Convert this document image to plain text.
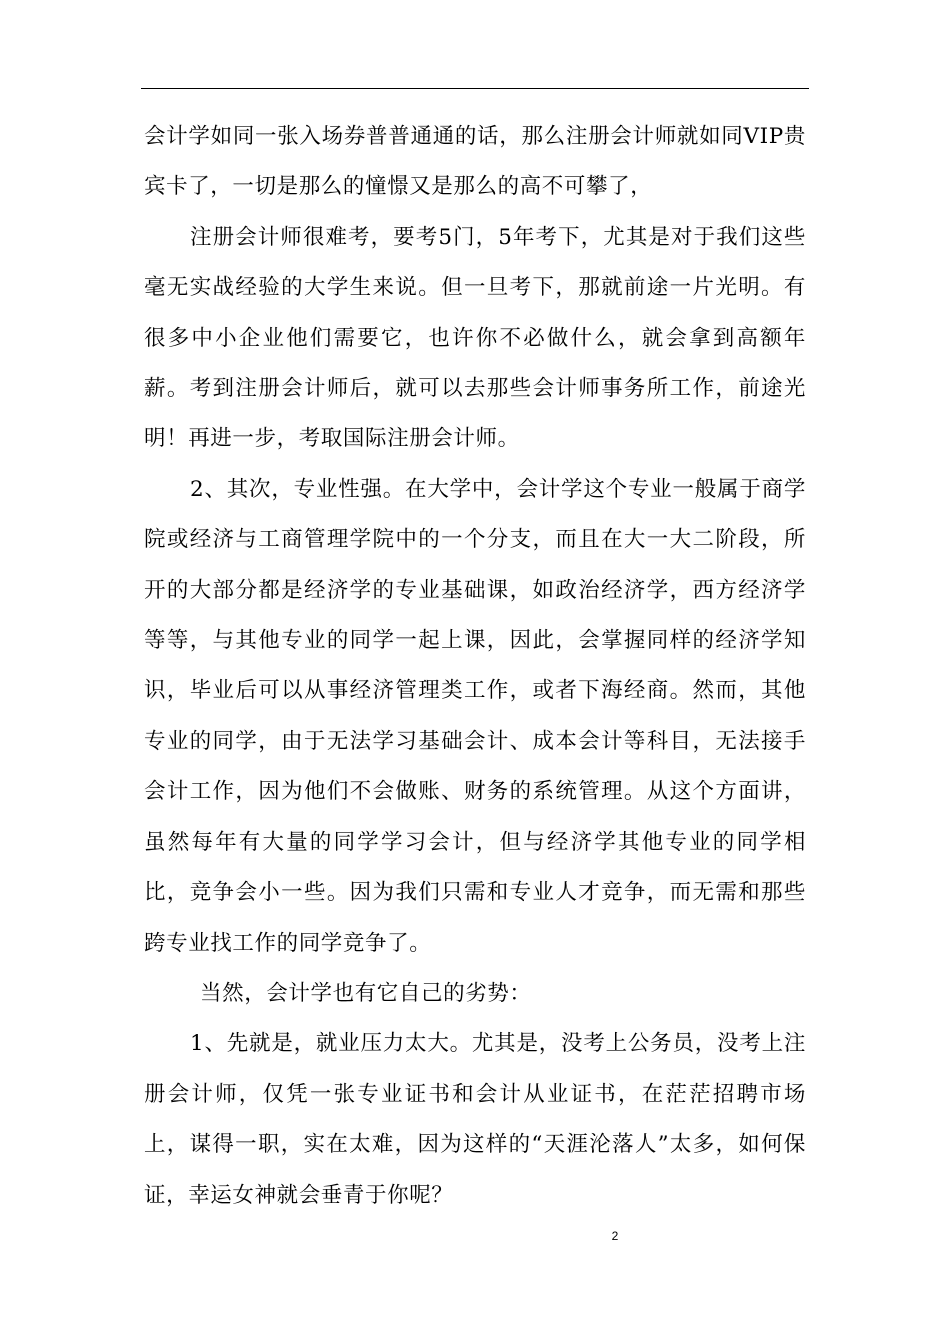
会计学如同一张入场券普普通通的话，那么注册会计师就如同VIP贵宾卡了，一切是那么的憧憬又是那么的高不可攀了，

注册会计师很难考，要考5门，5年考下，尤其是对于我们这些毫无实战经验的大学生来说。但一旦考下，那就前途一片光明。有很多中小企业他们需要它，也许你不必做什么，就会拿到高额年薪。考到注册会计师后，就可以去那些会计师事务所工作，前途光明！再进一步，考取国际注册会计师。

2、其次，专业性强。在大学中，会计学这个专业一般属于商学院或经济与工商管理学院中的一个分支，而且在大一大二阶段，所开的大部分都是经济学的专业基础课，如政治经济学，西方经济学等等，与其他专业的同学一起上课，因此，会掌握同样的经济学知识，毕业后可以从事经济管理类工作，或者下海经商。然而，其他专业的同学，由于无法学习基础会计、成本会计等科目，无法接手会计工作，因为他们不会做账、财务的系统管理。从这个方面讲，虽然每年有大量的同学学习会计，但与经济学其他专业的同学相比，竞争会小一些。因为我们只需和专业人才竞争，而无需和那些跨专业找工作的同学竞争了。

当然，会计学也有它自己的劣势：

1、先就是，就业压力太大。尤其是，没考上公务员，没考上注册会计师，仅凭一张专业证书和会计从业证书，在茫茫招聘市场上，谋得一职，实在太难，因为这样的“天涯沦落人”太多，如何保证，幸运女神就会垂青于你呢？

2
